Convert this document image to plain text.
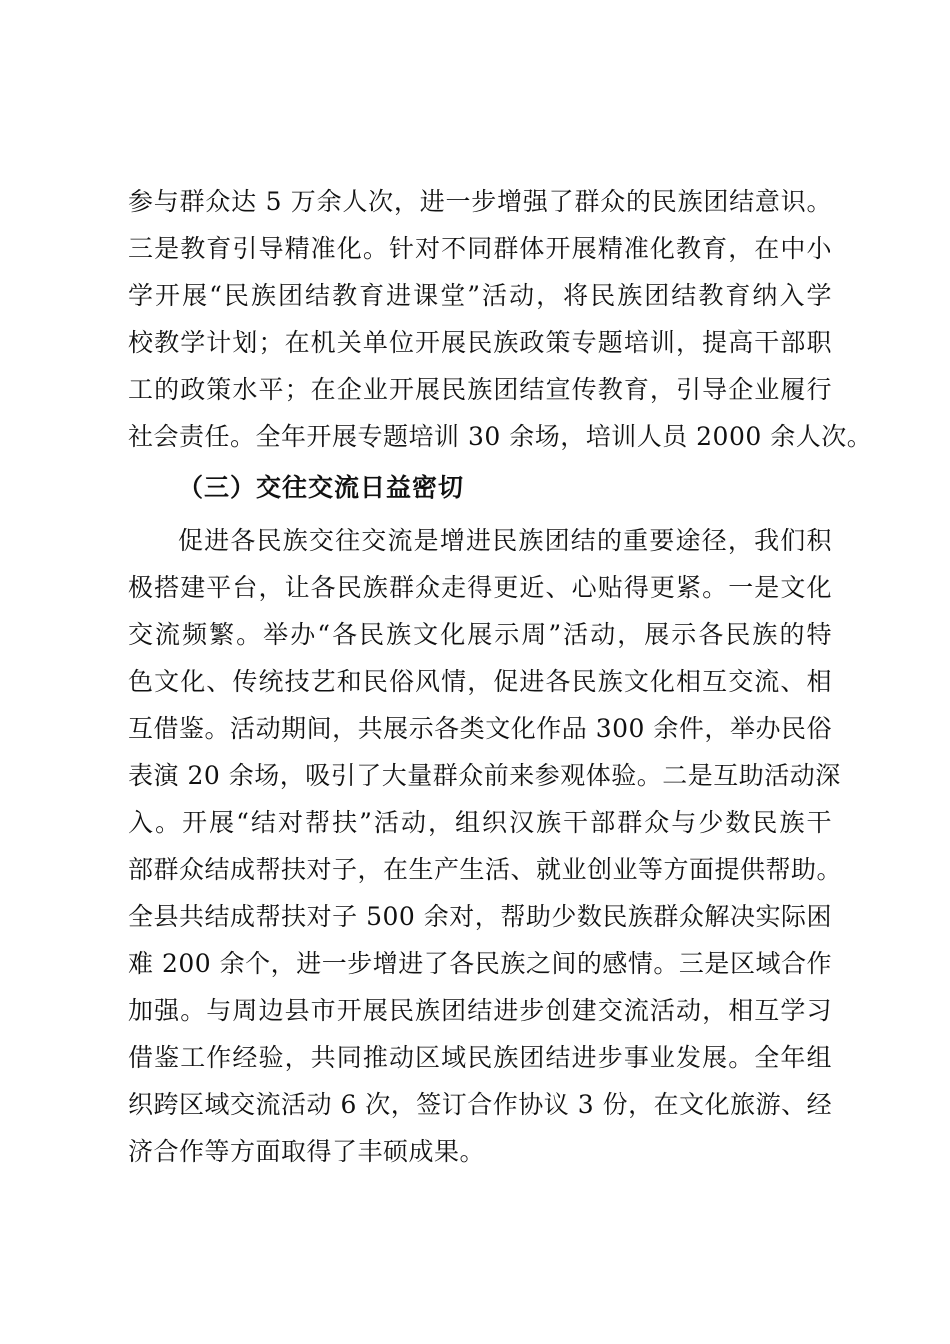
参与群众达 5 万余人次，进一步增强了群众的民族团结意识。
三是教育引导精准化。针对不同群体开展精准化教育，在中小
学开展“民族团结教育进课堂”活动，将民族团结教育纳入学
校教学计划；在机关单位开展民族政策专题培训，提高干部职
工的政策水平；在企业开展民族团结宣传教育，引导企业履行
社会责任。全年开展专题培训 30 余场，培训人员 2000 余人次。
（三）交往交流日益密切
促进各民族交往交流是增进民族团结的重要途径，我们积
极搭建平台，让各民族群众走得更近、心贴得更紧。一是文化
交流频繁。举办“各民族文化展示周”活动，展示各民族的特
色文化、传统技艺和民俗风情，促进各民族文化相互交流、相
互借鉴。活动期间，共展示各类文化作品 300 余件，举办民俗
表演 20 余场，吸引了大量群众前来参观体验。二是互助活动深
入。开展“结对帮扶”活动，组织汉族干部群众与少数民族干
部群众结成帮扶对子，在生产生活、就业创业等方面提供帮助。
全县共结成帮扶对子 500 余对，帮助少数民族群众解决实际困
难 200 余个，进一步增进了各民族之间的感情。三是区域合作
加强。与周边县市开展民族团结进步创建交流活动，相互学习
借鉴工作经验，共同推动区域民族团结进步事业发展。全年组
织跨区域交流活动 6 次，签订合作协议 3 份，在文化旅游、经
济合作等方面取得了丰硕成果。
